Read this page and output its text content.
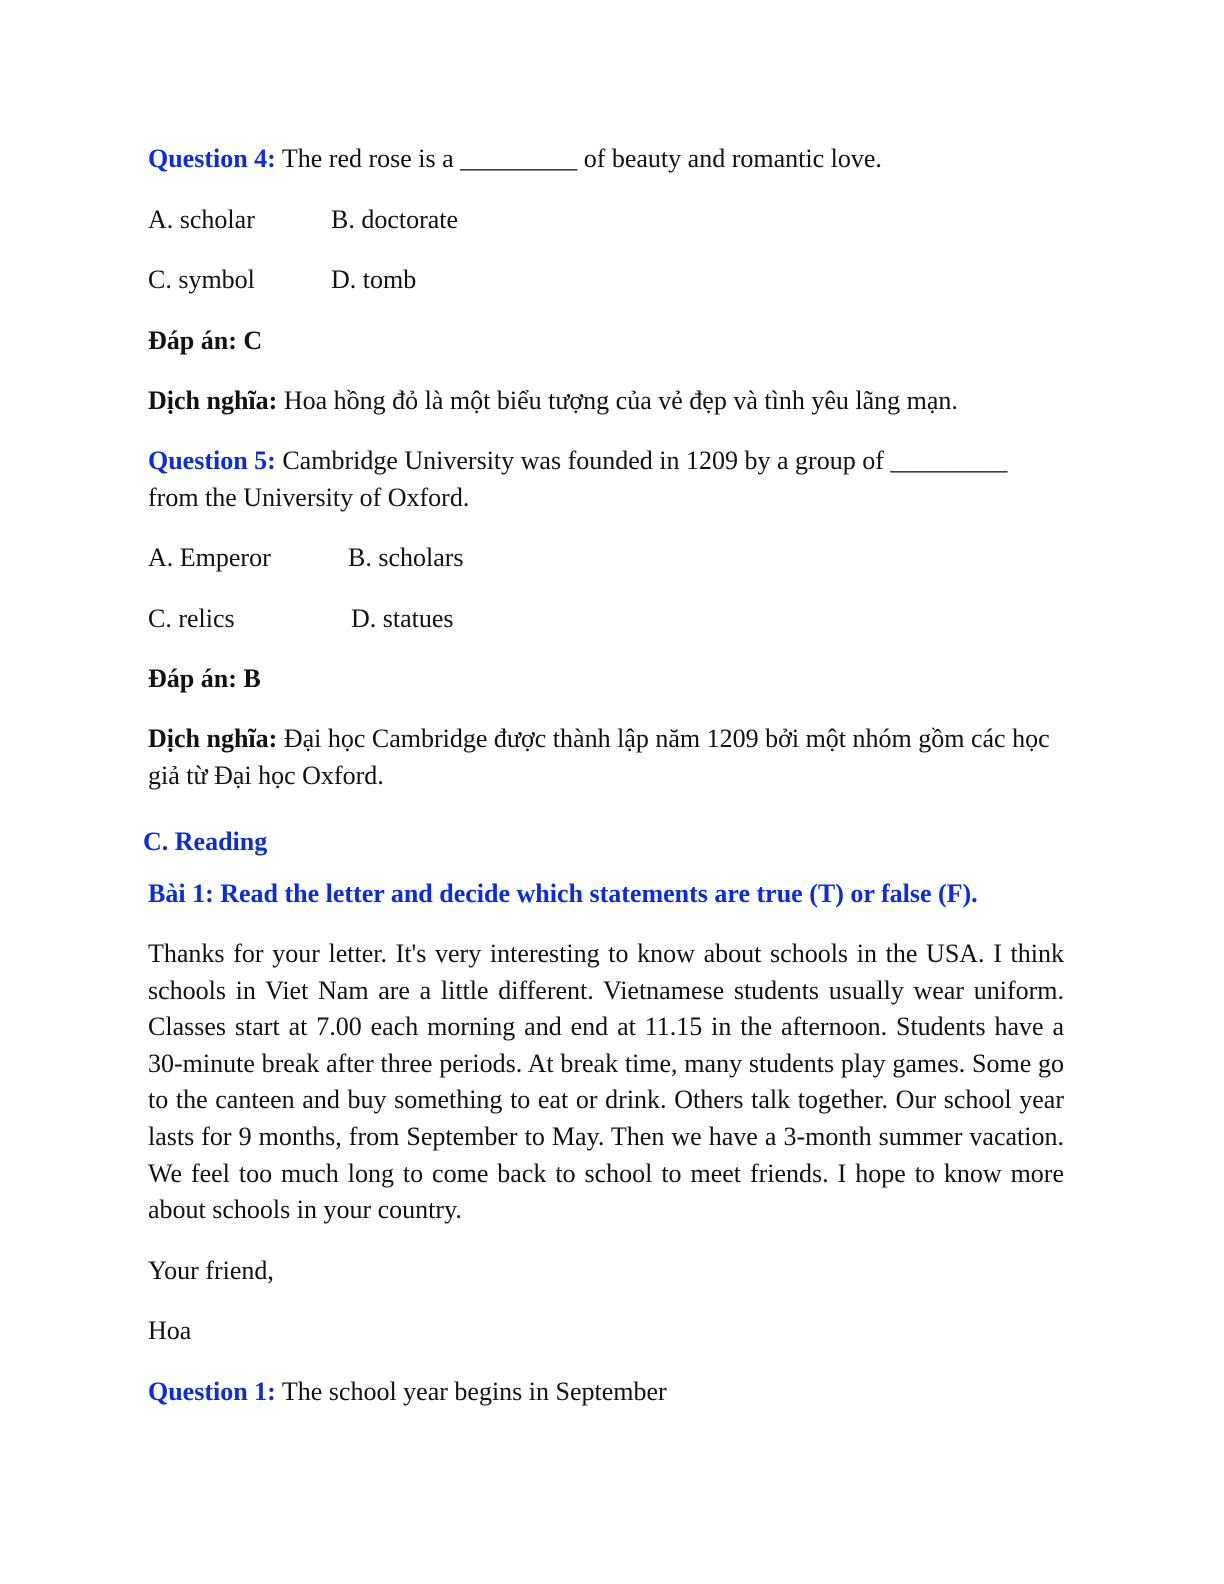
Question 4: The red rose is a _________ of beauty and romantic love.
A. scholar	B. doctorate
C. symbol	D. tomb
Đáp án: C
Dịch nghĩa: Hoa hồng đỏ là một biểu tượng của vẻ đẹp và tình yêu lãng mạn.
Question 5: Cambridge University was founded in 1209 by a group of _________ from the University of Oxford.
A. Emperor	B. scholars
C. relics	D. statues
Đáp án: B
Dịch nghĩa: Đại học Cambridge được thành lập năm 1209 bởi một nhóm gồm các học giả từ Đại học Oxford.
C. Reading
Bài 1: Read the letter and decide which statements are true (T) or false (F).
Thanks for your letter. It's very interesting to know about schools in the USA. I think schools in Viet Nam are a little different. Vietnamese students usually wear uniform. Classes start at 7.00 each morning and end at 11.15 in the afternoon. Students have a 30-minute break after three periods. At break time, many students play games. Some go to the canteen and buy something to eat or drink. Others talk together. Our school year lasts for 9 months, from September to May. Then we have a 3-month summer vacation. We feel too much long to come back to school to meet friends. I hope to know more about schools in your country.
Your friend,
Hoa
Question 1: The school year begins in September
